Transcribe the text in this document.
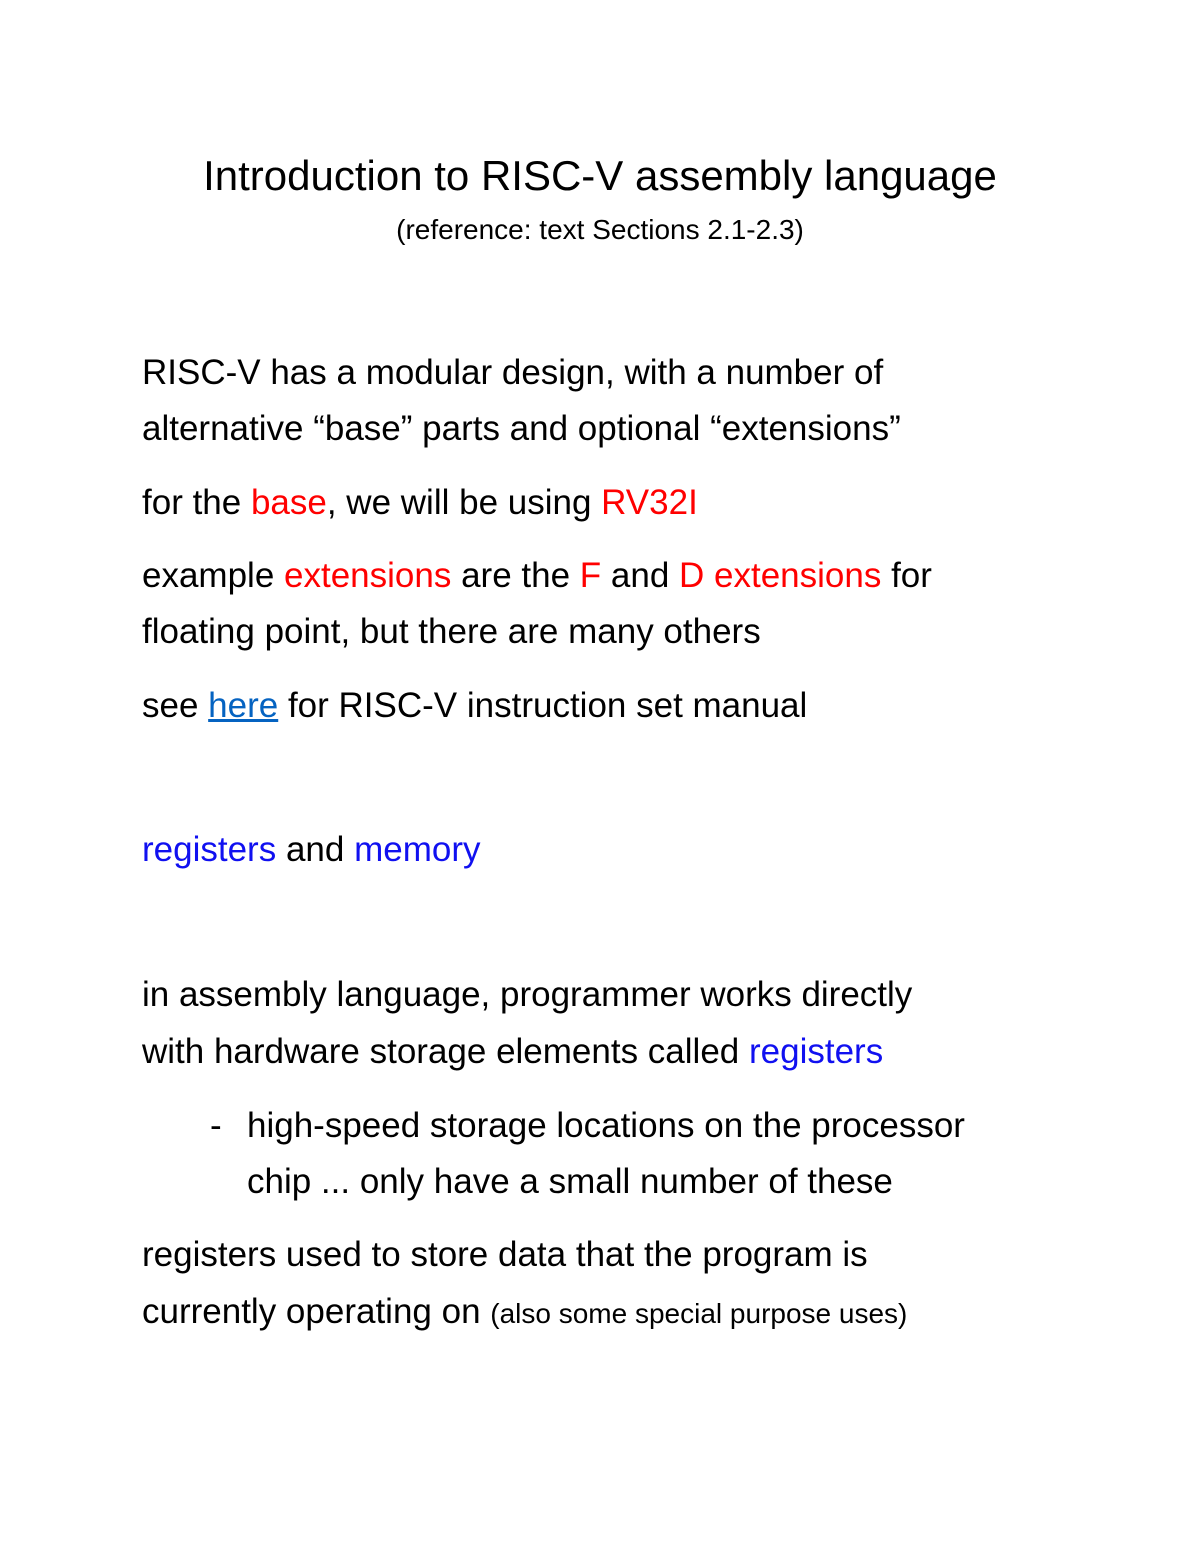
Introduction to RISC-V assembly language
(reference: text Sections 2.1-2.3)
RISC-V has a modular design, with a number of
alternative “base” parts and optional “extensions”
for the base, we will be using RV32I
example extensions are the F and D extensions for
floating point, but there are many others
see here for RISC-V instruction set manual
registers and memory
in assembly language, programmer works directly
with hardware storage elements called registers
- high-speed storage locations on the processor
chip ... only have a small number of these
registers used to store data that the program is
currently operating on (also some special purpose uses)
